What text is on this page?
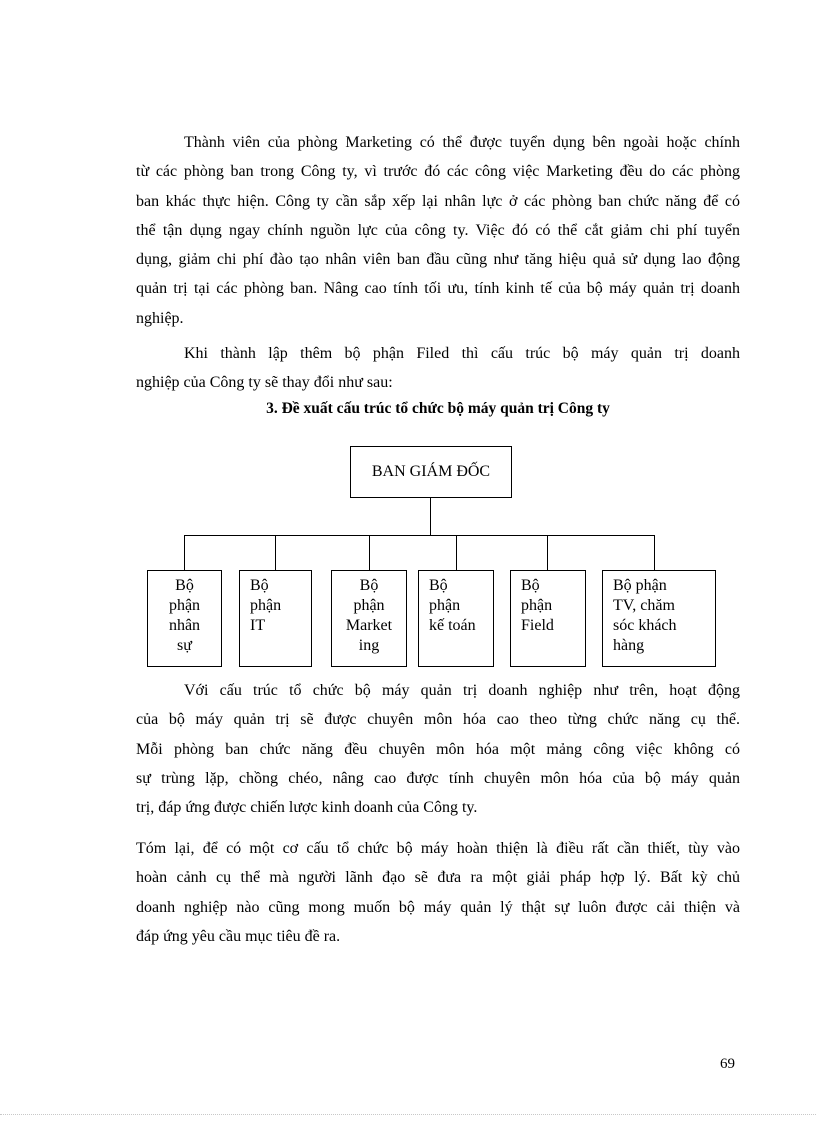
Thành viên của phòng Marketing có thể được tuyển dụng bên ngoài hoặc chính
từ các phòng ban trong Công ty, vì trước đó các công việc Marketing đều do các phòng
ban khác thực hiện. Công ty cần sắp xếp lại nhân lực ở các phòng ban chức năng để có
thể tận dụng ngay chính nguồn lực của công ty. Việc đó có thể cắt giảm chi phí tuyển
dụng, giảm chi phí đào tạo nhân viên ban đầu cũng như tăng hiệu quả sử dụng lao động
quản trị tại các phòng ban. Nâng cao tính tối ưu, tính kinh tế của bộ máy quản trị doanh
nghiệp.
Khi thành lập thêm bộ phận Filed thì cấu trúc bộ máy quản trị doanh
nghiệp của Công ty sẽ thay đổi như sau:
3. Đề xuất cấu trúc tổ chức bộ máy quản trị Công ty
BAN GIÁM ĐỐC
Bộ
phận
nhân
sự
Bộ
phận
IT
Bộ
phận
Market
ing
Bộ
phận
kế toán
Bộ
phận
Field
Bộ phận
TV, chăm
sóc khách
hàng
Với cấu trúc tổ chức bộ máy quản trị doanh nghiệp như trên, hoạt động
của bộ máy quản trị sẽ được chuyên môn hóa cao theo từng chức năng cụ thể.
Mỗi phòng ban chức năng đều chuyên môn hóa một mảng công việc không có
sự trùng lặp, chồng chéo, nâng cao được tính chuyên môn hóa của bộ máy quản
trị, đáp ứng được chiến lược kinh doanh của Công ty.
Tóm lại, để có một cơ cấu tổ chức bộ máy hoàn thiện là điều rất cần thiết, tùy vào
hoàn cảnh cụ thể mà người lãnh đạo sẽ đưa ra một giải pháp hợp lý. Bất kỳ chủ
doanh nghiệp nào cũng mong muốn bộ máy quản lý thật sự luôn được cải thiện và
đáp ứng yêu cầu mục tiêu đề ra.
69
